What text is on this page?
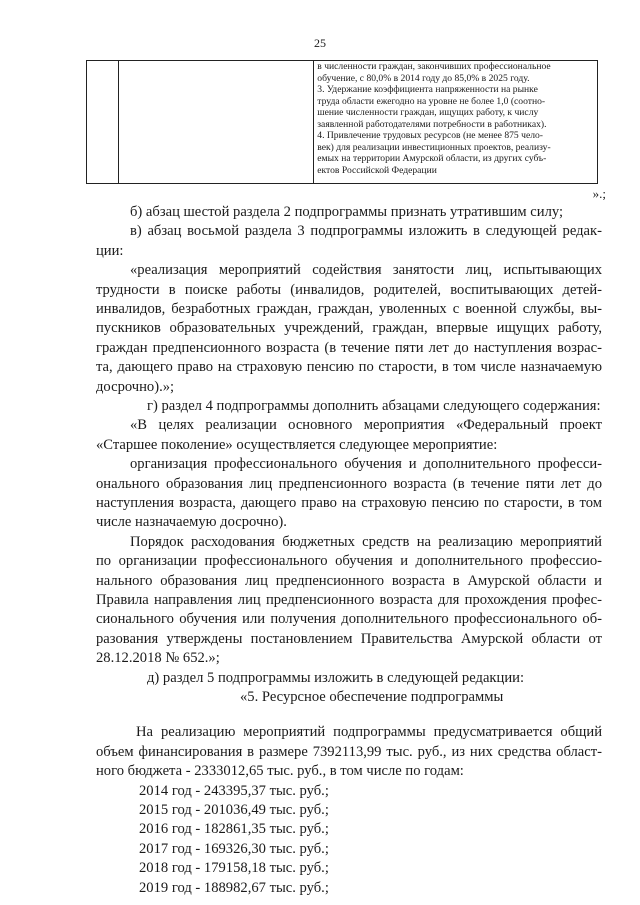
25

в численности граждан, закончивших профессиональное
обучение, с 80,0% в 2014 году до 85,0% в 2025 году.
3. Удержание коэффициента напряженности на рынке
труда области ежегодно на уровне не более 1,0 (соотно-
шение численности граждан, ищущих работу, к числу
заявленной работодателями потребности в работниках).
4. Привлечение трудовых ресурсов (не менее 875 чело-
век) для реализации инвестиционных проектов, реализу-
емых на территории Амурской области, из других субъ-
ектов Российской Федерации
».;
б) абзац шестой раздела 2 подпрограммы признать утратившим силу;
в) абзац восьмой раздела 3 подпрограммы изложить в следующей редак-
ции:
«реализация мероприятий содействия занятости лиц, испытывающих
трудности в поиске работы (инвалидов, родителей, воспитывающих детей-
инвалидов, безработных граждан, граждан, уволенных с военной службы, вы-
пускников образовательных учреждений, граждан, впервые ищущих работу,
граждан предпенсионного возраста (в течение пяти лет до наступления возрас-
та, дающего право на страховую пенсию по старости, в том числе назначаемую
досрочно).»;
г) раздел 4 подпрограммы дополнить абзацами следующего содержания:
«В целях реализации основного мероприятия «Федеральный проект
«Старшее поколение» осуществляется следующее мероприятие:
организация профессионального обучения и дополнительного професси-
онального образования лиц предпенсионного возраста (в течение пяти лет до
наступления возраста, дающего право на страховую пенсию по старости, в том
числе назначаемую досрочно).
Порядок расходования бюджетных средств на реализацию мероприятий
по организации профессионального обучения и дополнительного профессио-
нального образования лиц предпенсионного возраста в Амурской области и
Правила направления лиц предпенсионного возраста для прохождения профес-
сионального обучения или получения дополнительного профессионального об-
разования утверждены постановлением Правительства Амурской области от
28.12.2018 № 652.»;
д) раздел 5 подпрограммы изложить в следующей редакции:
«5. Ресурсное обеспечение подпрограммы
На реализацию мероприятий подпрограммы предусматривается общий
объем финансирования в размере 7392113,99 тыс. руб., из них средства област-
ного бюджета - 2333012,65 тыс. руб., в том числе по годам:
2014 год - 243395,37 тыс. руб.;
2015 год - 201036,49 тыс. руб.;
2016 год - 182861,35 тыс. руб.;
2017 год - 169326,30 тыс. руб.;
2018 год - 179158,18 тыс. руб.;
2019 год - 188982,67 тыс. руб.;
